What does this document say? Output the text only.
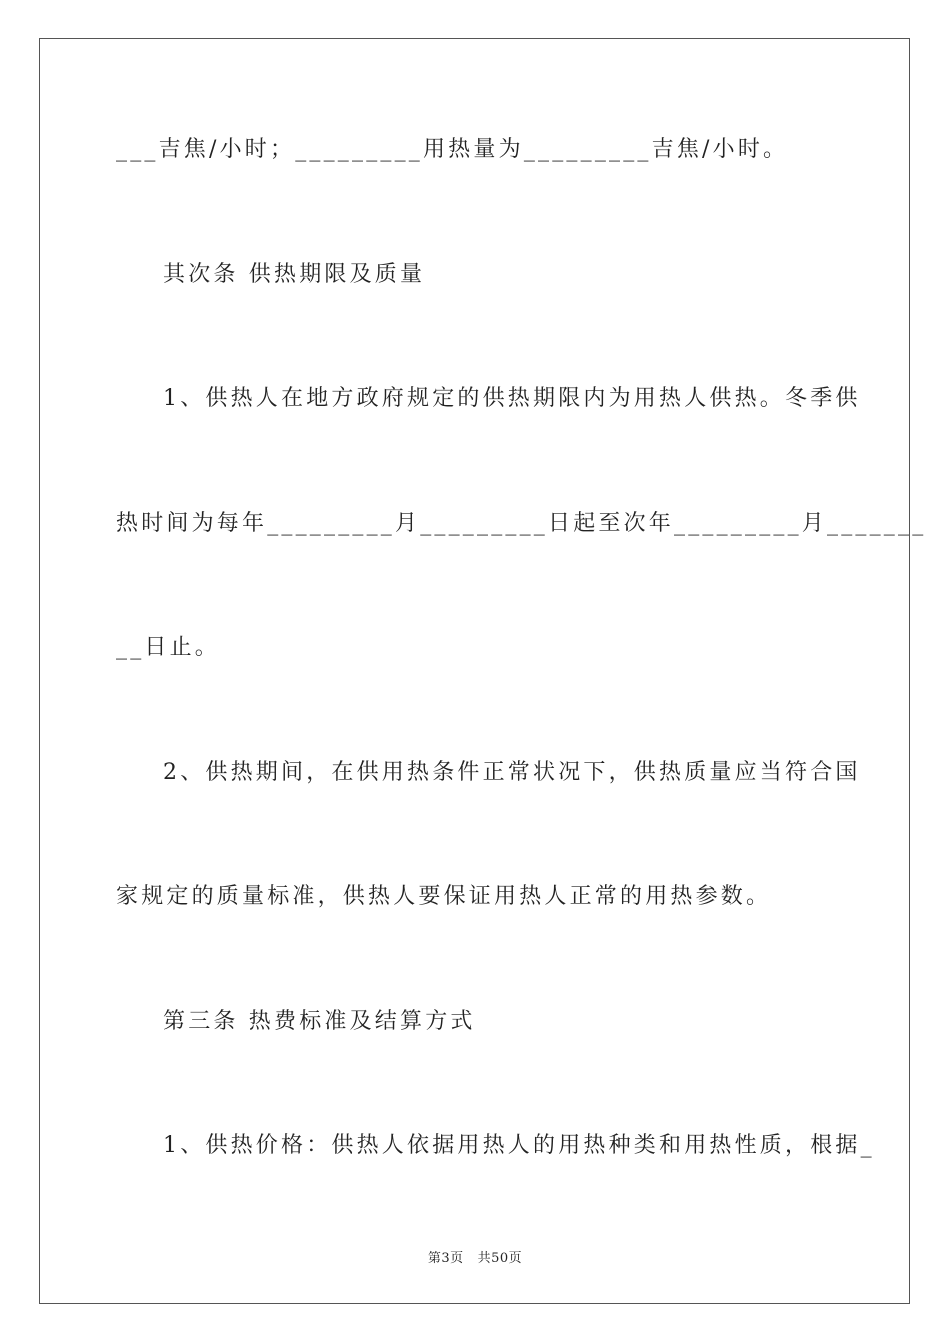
___吉焦/小时；_________用热量为_________吉焦/小时。

其次条 供热期限及质量

1、供热人在地方政府规定的供热期限内为用热人供热。冬季供

热时间为每年_________月_________日起至次年_________月_______

__日止。

2、供热期间，在供用热条件正常状况下，供热质量应当符合国

家规定的质量标准，供热人要保证用热人正常的用热参数。

第三条 热费标准及结算方式

1、供热价格：供热人依据用热人的用热种类和用热性质，根据_

第3页 共50页
